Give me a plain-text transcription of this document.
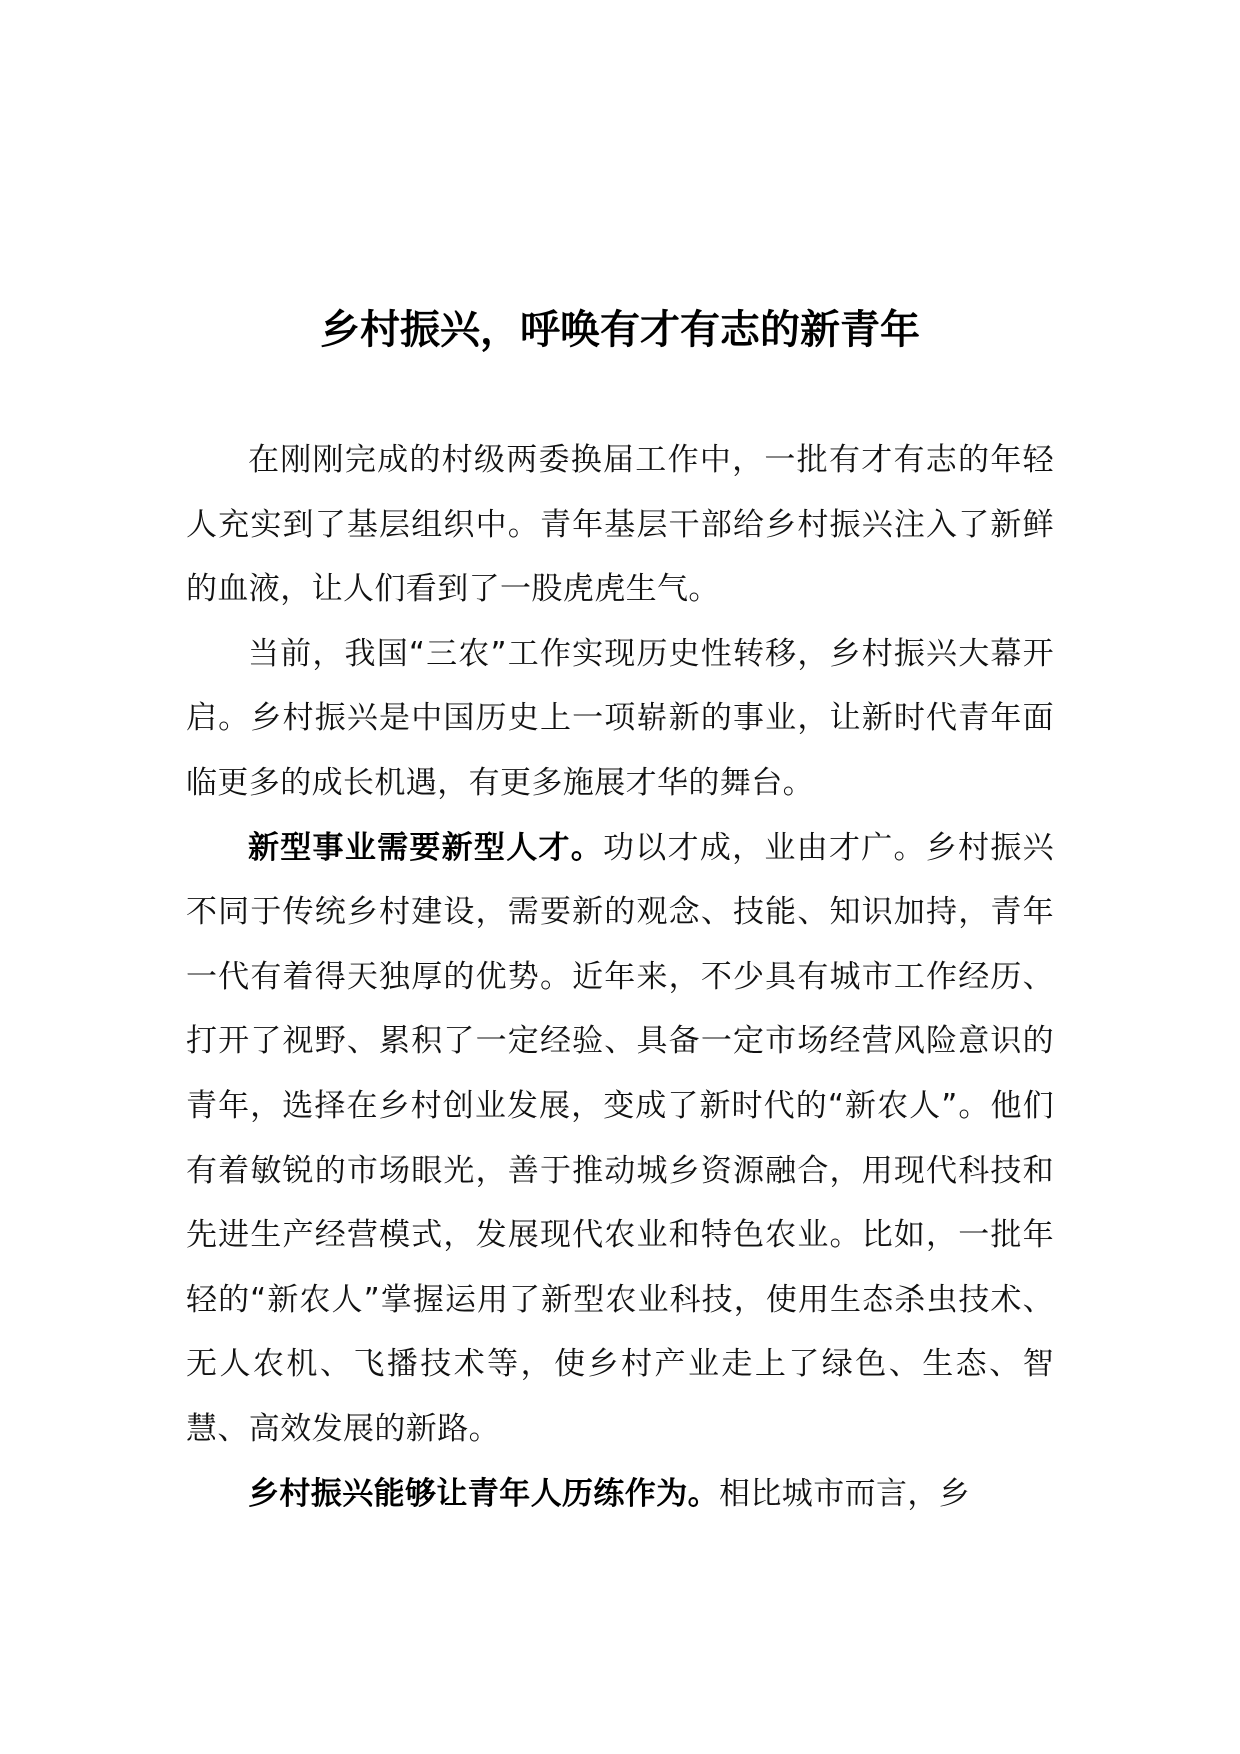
乡村振兴，呼唤有才有志的新青年

在刚刚完成的村级两委换届工作中，一批有才有志的年轻人充实到了基层组织中。青年基层干部给乡村振兴注入了新鲜的血液，让人们看到了一股虎虎生气。

当前，我国“三农”工作实现历史性转移，乡村振兴大幕开启。乡村振兴是中国历史上一项崭新的事业，让新时代青年面临更多的成长机遇，有更多施展才华的舞台。

新型事业需要新型人才。功以才成，业由才广。乡村振兴不同于传统乡村建设，需要新的观念、技能、知识加持，青年一代有着得天独厚的优势。近年来，不少具有城市工作经历、打开了视野、累积了一定经验、具备一定市场经营风险意识的青年，选择在乡村创业发展，变成了新时代的“新农人”。他们有着敏锐的市场眼光，善于推动城乡资源融合，用现代科技和先进生产经营模式，发展现代农业和特色农业。比如，一批年轻的“新农人”掌握运用了新型农业科技，使用生态杀虫技术、无人农机、飞播技术等，使乡村产业走上了绿色、生态、智慧、高效发展的新路。

乡村振兴能够让青年人历练作为。相比城市而言，乡
